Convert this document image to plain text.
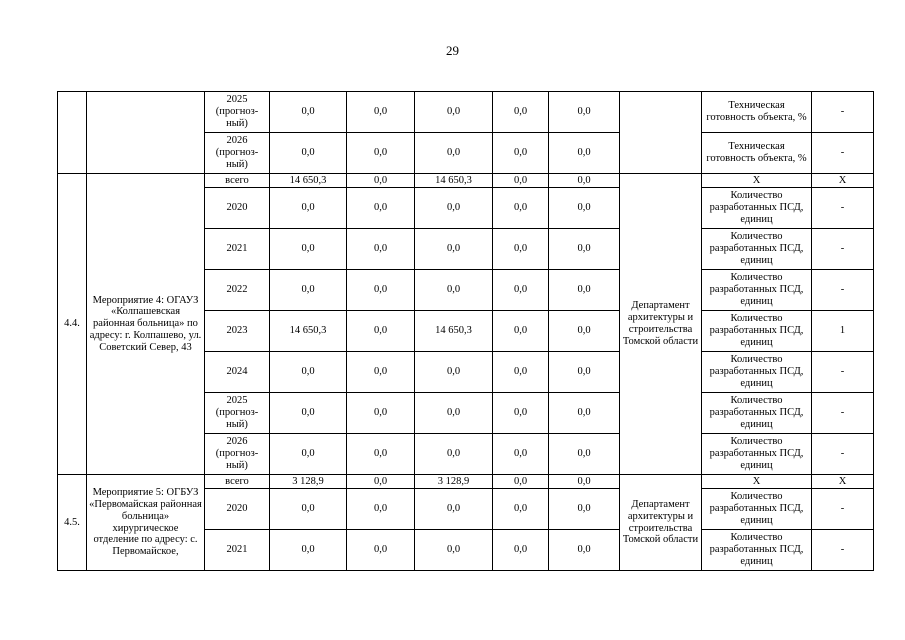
29
		2025 (прогноз-ный)	0,0	0,0	0,0	0,0	0,0		Техническая готовность объекта, %	-
		2026 (прогноз-ный)	0,0	0,0	0,0	0,0	0,0		Техническая готовность объекта, %	-
4.4.	Мероприятие 4: ОГАУЗ «Колпашевская районная больница» по адресу: г. Колпашево, ул. Советский Север, 43	всего	14 650,3	0,0	14 650,3	0,0	0,0	Департамент архитектуры и строительства Томской области	Х	Х
		2020	0,0	0,0	0,0	0,0	0,0		Количество разработанных ПСД, единиц	-
		2021	0,0	0,0	0,0	0,0	0,0		Количество разработанных ПСД, единиц	-
		2022	0,0	0,0	0,0	0,0	0,0		Количество разработанных ПСД, единиц	-
		2023	14 650,3	0,0	14 650,3	0,0	0,0		Количество разработанных ПСД, единиц	1
		2024	0,0	0,0	0,0	0,0	0,0		Количество разработанных ПСД, единиц	-
		2025 (прогноз-ный)	0,0	0,0	0,0	0,0	0,0		Количество разработанных ПСД, единиц	-
		2026 (прогноз-ный)	0,0	0,0	0,0	0,0	0,0		Количество разработанных ПСД, единиц	-
4.5.	Мероприятие 5: ОГБУЗ «Первомайская районная больница» хирургическое отделение по адресу: с. Первомайское,	всего	3 128,9	0,0	3 128,9	0,0	0,0	Департамент архитектуры и строительства Томской области	Х	Х
		2020	0,0	0,0	0,0	0,0	0,0		Количество разработанных ПСД, единиц	-
		2021	0,0	0,0	0,0	0,0	0,0		Количество разработанных ПСД, единиц	-
